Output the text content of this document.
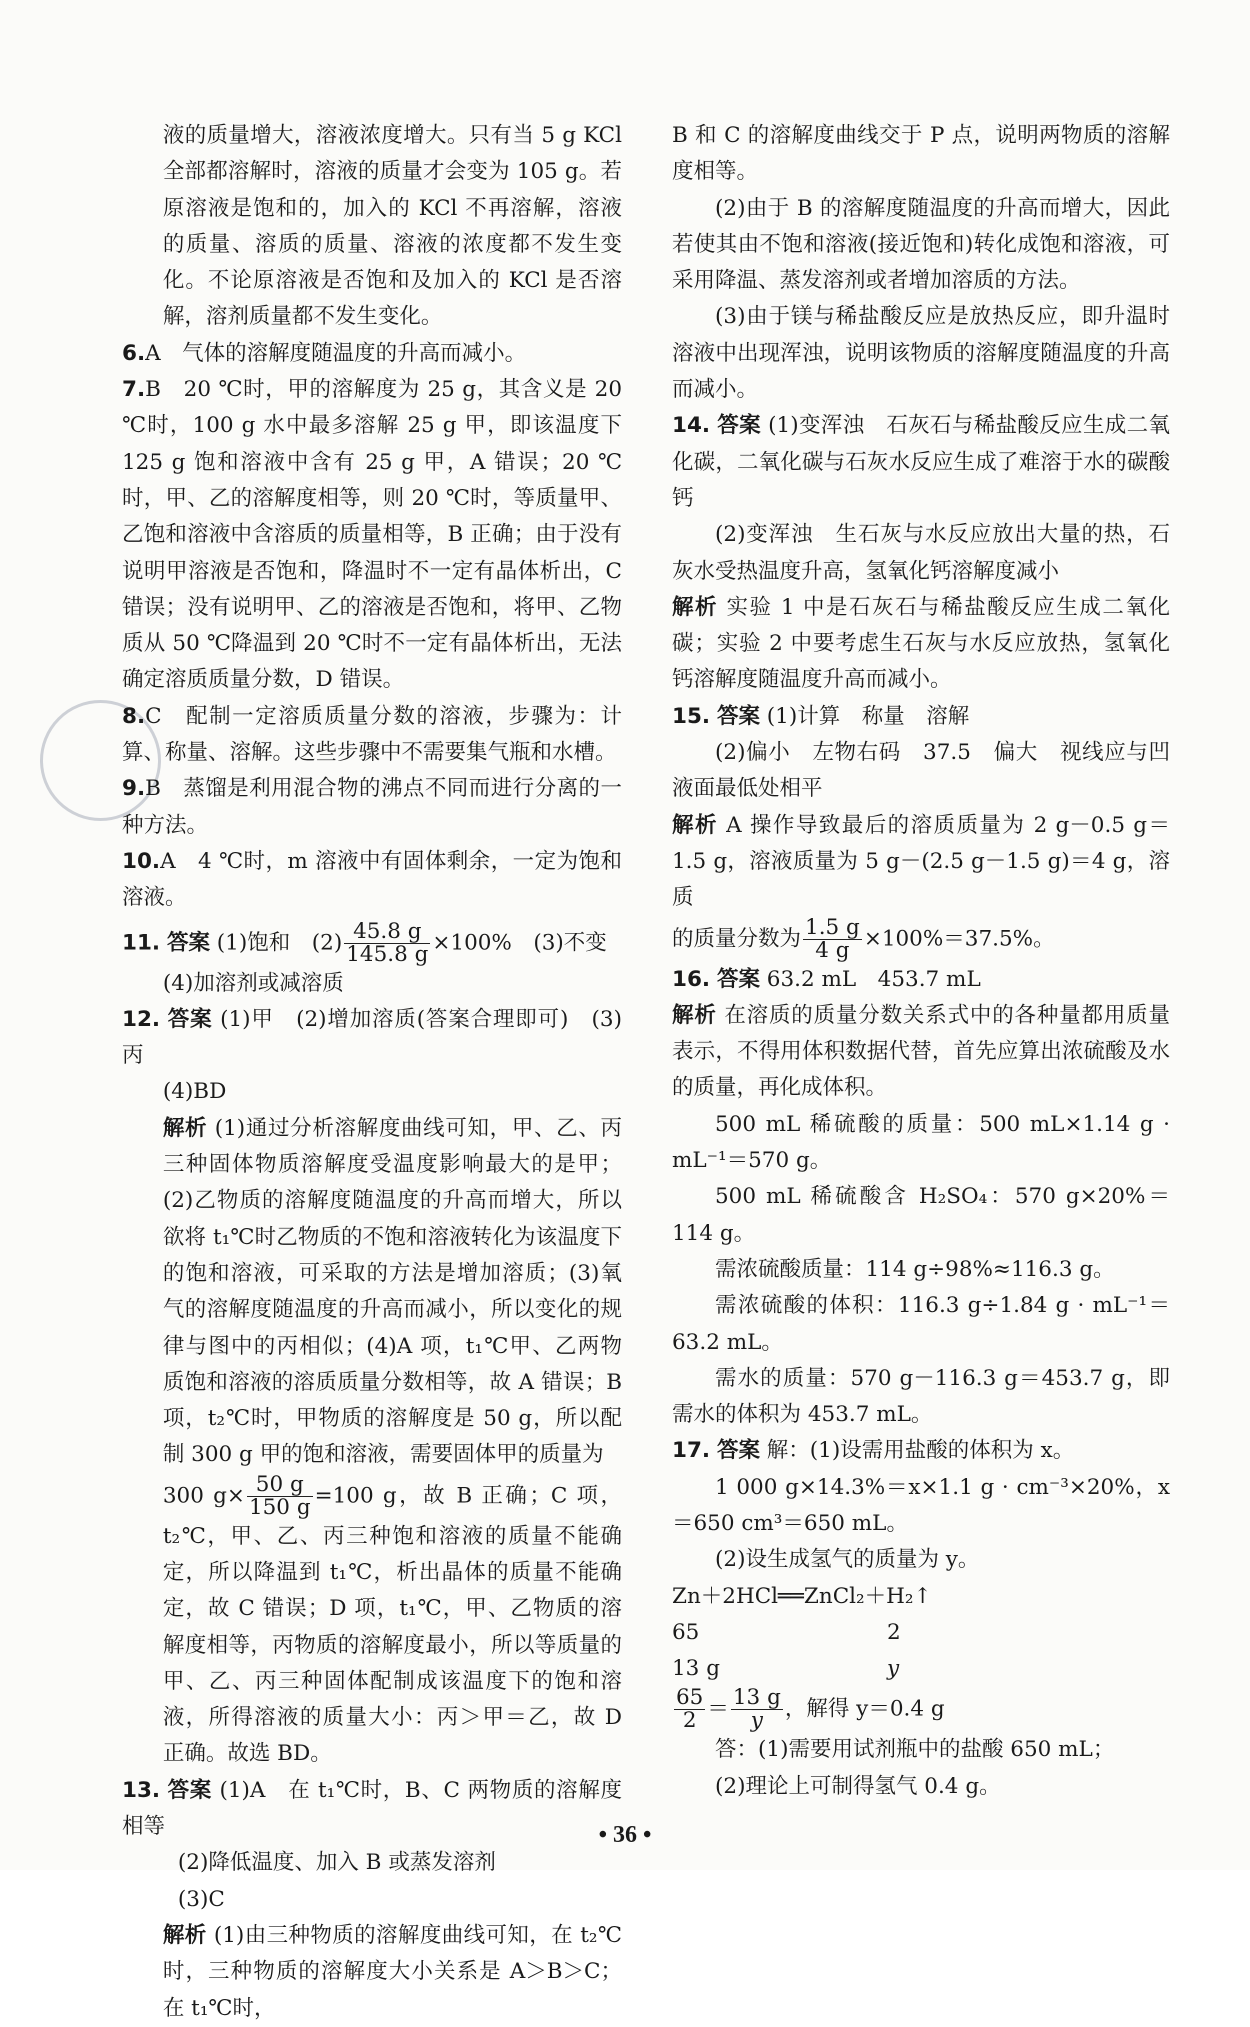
液的质量增大，溶液浓度增大。只有当 5 g KCl 全部都溶解时，溶液的质量才会变为 105 g。若原溶液是饱和的，加入的 KCl 不再溶解，溶液的质量、溶质的质量、溶液的浓度都不发生变化。不论原溶液是否饱和及加入的 KCl 是否溶解，溶剂质量都不发生变化。

6.A　气体的溶解度随温度的升高而减小。

7.B　20 ℃时，甲的溶解度为 25 g，其含义是 20 ℃时，100 g 水中最多溶解 25 g 甲，即该温度下 125 g 饱和溶液中含有 25 g 甲，A 错误；20 ℃时，甲、乙的溶解度相等，则 20 ℃时，等质量甲、乙饱和溶液中含溶质的质量相等，B 正确；由于没有说明甲溶液是否饱和，降温时不一定有晶体析出，C 错误；没有说明甲、乙的溶液是否饱和，将甲、乙物质从 50 ℃降温到 20 ℃时不一定有晶体析出，无法确定溶质质量分数，D 错误。

8.C　配制一定溶质质量分数的溶液，步骤为：计算、称量、溶解。这些步骤中不需要集气瓶和水槽。

9.B　蒸馏是利用混合物的沸点不同而进行分离的一种方法。

10.A　4 ℃时，m 溶液中有固体剩余，一定为饱和溶液。

11. 答案 (1)饱和　$(2) \frac{45.8 g}{145.8 g} \times 100\%$　(3)不变

(4)加溶剂或减溶质

12. 答案 (1)甲　(2)增加溶质(答案合理即可)　(3)丙

(4)BD

解析 (1)通过分析溶解度曲线可知，甲、乙、丙三种固体物质溶解度受温度影响最大的是甲；(2)乙物质的溶解度随温度的升高而增大，所以欲将 t₁℃时乙物质的不饱和溶液转化为该温度下的饱和溶液，可采取的方法是增加溶质；(3)氧气的溶解度随温度的升高而减小，所以变化的规律与图中的丙相似；(4)A 项，t₁℃甲、乙两物质饱和溶液的溶质质量分数相等，故 A 错误；B 项，t₂℃时，甲物质的溶解度是 50 g，所以配制 300 g 甲的饱和溶液，需要固体甲的质量为

300 $g\times \frac{50 g}{150 g} =100$ g，故 B 正确；C 项，t₂℃，甲、乙、丙三种饱和溶液的质量不能确定，所以降温到 t₁℃，析出晶体的质量不能确定，故 C 错误；D 项，t₁℃，甲、乙物质的溶解度相等，丙物质的溶解度最小，所以等质量的甲、乙、丙三种固体配制成该温度下的饱和溶液，所得溶液的质量大小：丙＞甲＝乙，故 D 正确。故选 BD。

13. 答案 (1)A　在 t₁℃时，B、C 两物质的溶解度相等

(2)降低温度、加入 B 或蒸发溶剂

(3)C

解析 (1)由三种物质的溶解度曲线可知，在 t₂℃时，三种物质的溶解度大小关系是 A＞B＞C；在 t₁℃时，

B 和 C 的溶解度曲线交于 P 点，说明两物质的溶解度相等。

(2)由于 B 的溶解度随温度的升高而增大，因此若使其由不饱和溶液(接近饱和)转化成饱和溶液，可采用降温、蒸发溶剂或者增加溶质的方法。

(3)由于镁与稀盐酸反应是放热反应，即升温时溶液中出现浑浊，说明该物质的溶解度随温度的升高而减小。

14. 答案 (1)变浑浊　石灰石与稀盐酸反应生成二氧化碳，二氧化碳与石灰水反应生成了难溶于水的碳酸钙

(2)变浑浊　生石灰与水反应放出大量的热，石灰水受热温度升高，氢氧化钙溶解度减小

解析 实验 1 中是石灰石与稀盐酸反应生成二氧化碳；实验 2 中要考虑生石灰与水反应放热，氢氧化钙溶解度随温度升高而减小。

15. 答案 (1)计算　称量　溶解

(2)偏小　左物右码　37.5　偏大　视线应与凹液面最低处相平

解析 A 操作导致最后的溶质质量为 2 g－0.5 g＝1.5 g，溶液质量为 5 g－(2.5 g－1.5 g)＝4 g，溶质

的质量分数为 $\frac{1.5 g}{4 g} \times 100\%=37.5\%$。

16. 答案 63.2 mL　453.7 mL

解析 在溶质的质量分数关系式中的各种量都用质量表示，不得用体积数据代替，首先应算出浓硫酸及水的质量，再化成体积。

500 mL 稀硫酸的质量：500 mL×1.14 g · mL⁻¹＝570 g。

500 mL 稀硫酸含 H₂SO₄：570 g×20%＝114 g。

需浓硫酸质量：114 g÷98%≈116.3 g。

需浓硫酸的体积：116.3 g÷1.84 g · mL⁻¹＝63.2 mL。

需水的质量：570 g－116.3 g＝453.7 g，即需水的体积为 453.7 mL。

17. 答案 解：(1)设需用盐酸的体积为 x。

1 000 g×14.3%＝x×1.1 g · cm⁻³×20%，x＝650 cm³＝650 mL。

(2)设生成氢气的质量为 y。

Zn＋2HCl══ZnCl₂＋H₂↑

65	2

13 g	y

$\frac{65}{2} = \frac{13 g}{y}$ ，解得 y＝0.4 g

答：(1)需要用试剂瓶中的盐酸 650 mL；

(2)理论上可制得氢气 0.4 g。

• 36 •
